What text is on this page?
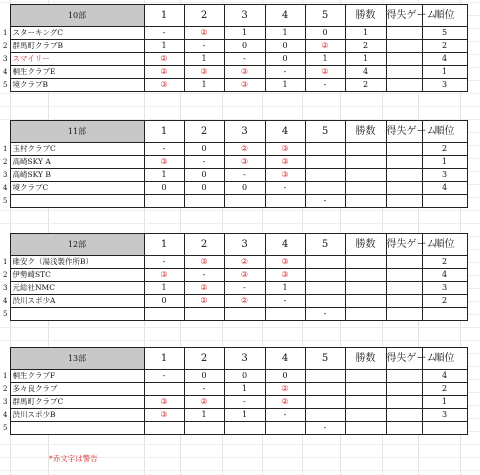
	10部	1	2	3	4	5	勝数	得失ゲーム	順位
1	スターキングC	-	②	1	1	0	1		5
2	群馬町クラブB	1	-	0	0	②	2		2
3	スマイリー	②	1	-	0	1	1		4
4	桐生クラブE	②	③	③	-	②	4		1
5	境クラブB	③	1	③	1	-	2		3
	11部	1	2	3	4	5	勝数	得失ゲーム	順位
1	玉村クラブC	-	0	②	③				2
2	高崎SKY A	③	-	③	③				1
3	高崎SKY B	1	0	-	③				3
4	境クラブC	0	0	0	-				4
5						-			
	12部	1	2	3	4	5	勝数	得失ゲーム	順位
1	碓安ク（湯浅製作所B）	-	③	②	③				2
2	伊勢崎STC	③	-	③	③				4
3	元総社NMC	1	②	-	1				3
4	渋川スポ少A	0	②	②	-				2
5						-			
	13部	1	2	3	4	5	勝数	得失ゲーム	順位
1	桐生クラブF	-	0	0	0				4
2	多々良クラブ		-	1	②				2
3	群馬町クラブC	③	②	-	②				1
4	渋川スポ少B	③	1	1	-				3
5						-			
*赤文字は警告
